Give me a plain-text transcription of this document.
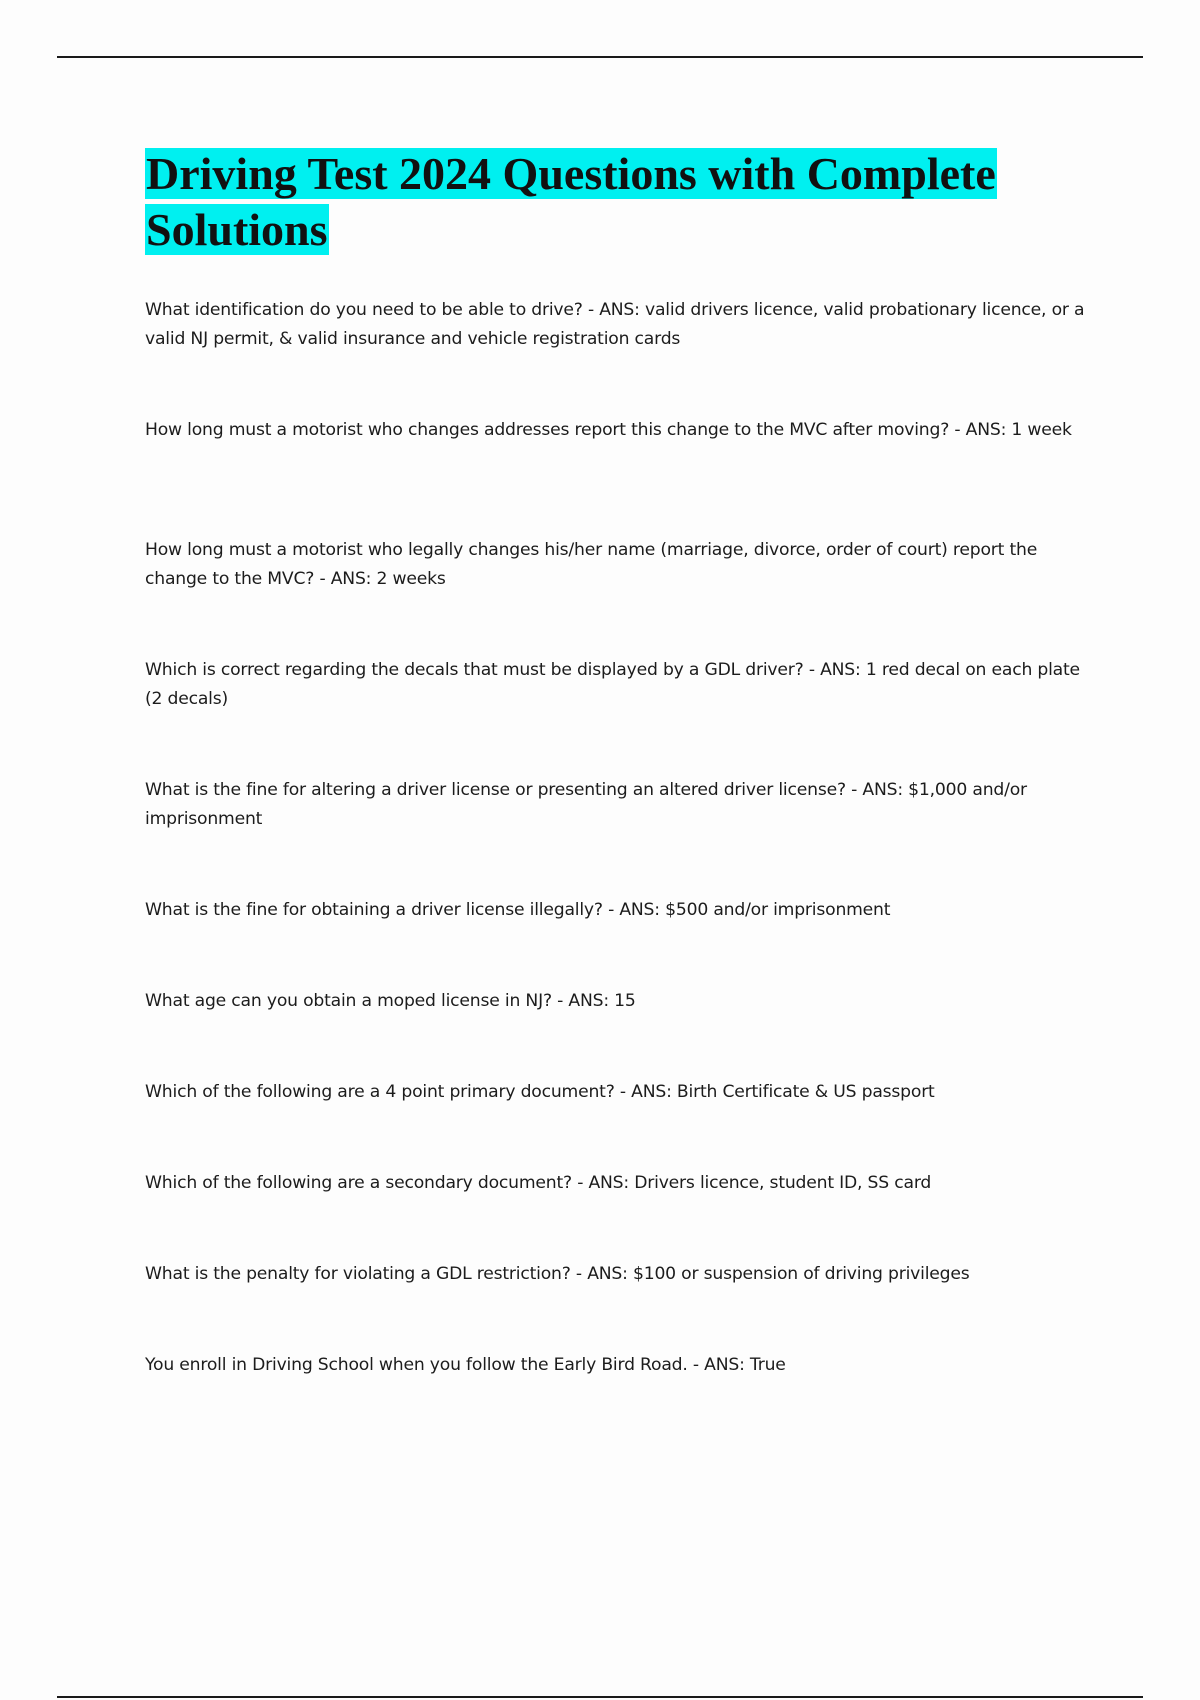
Driving Test 2024 Questions with Complete Solutions
What identification do you need to be able to drive? - ANS: valid drivers licence, valid probationary licence, or a valid NJ permit, & valid insurance and vehicle registration cards
How long must a motorist who changes addresses report this change to the MVC after moving? - ANS: 1 week
How long must a motorist who legally changes his/her name (marriage, divorce, order of court) report the change to the MVC? - ANS: 2 weeks
Which is correct regarding the decals that must be displayed by a GDL driver? - ANS: 1 red decal on each plate (2 decals)
What is the fine for altering a driver license or presenting an altered driver license? - ANS: $1,000 and/or imprisonment
What is the fine for obtaining a driver license illegally? - ANS: $500 and/or imprisonment
What age can you obtain a moped license in NJ? - ANS: 15
Which of the following are a 4 point primary document? - ANS: Birth Certificate & US passport
Which of the following are a secondary document? - ANS: Drivers licence, student ID, SS card
What is the penalty for violating a GDL restriction? - ANS: $100 or suspension of driving privileges
You enroll in Driving School when you follow the Early Bird Road. - ANS: True
